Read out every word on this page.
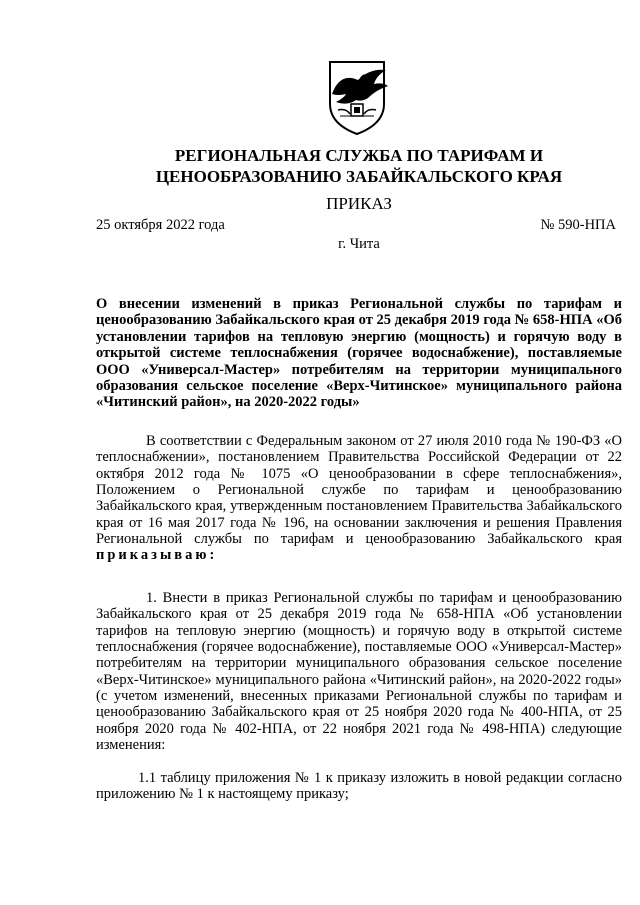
РЕГИОНАЛЬНАЯ СЛУЖБА ПО ТАРИФАМ И
ЦЕНООБРАЗОВАНИЮ ЗАБАЙКАЛЬСКОГО КРАЯ
ПРИКАЗ
25 октября 2022 года	№ 590-НПА
г. Чита
О внесении изменений в приказ Региональной службы по тарифам и ценообразованию Забайкальского края от 25 декабря 2019 года № 658-НПА «Об установлении тарифов на тепловую энергию (мощность) и горячую воду в открытой системе теплоснабжения (горячее водоснабжение), поставляемые ООО «Универсал-Мастер» потребителям на территории муниципального образования сельское поселение «Верх-Читинское» муниципального района «Читинский район», на 2020-2022 годы»
В соответствии с Федеральным законом от 27 июля 2010 года № 190-ФЗ «О теплоснабжении», постановлением Правительства Российской Федерации от 22 октября 2012 года № 1075 «О ценообразовании в сфере теплоснабжения», Положением о Региональной службе по тарифам и ценообразованию Забайкальского края, утвержденным постановлением Правительства Забайкальского края от 16 мая 2017 года № 196, на основании заключения и решения Правления Региональной службы по тарифам и ценообразованию Забайкальского края приказываю:
1. Внести в приказ Региональной службы по тарифам и ценообразованию Забайкальского края от 25 декабря 2019 года № 658-НПА «Об установлении тарифов на тепловую энергию (мощность) и горячую воду в открытой системе теплоснабжения (горячее водоснабжение), поставляемые ООО «Универсал-Мастер» потребителям на территории муниципального образования сельское поселение «Верх-Читинское» муниципального района «Читинский район», на 2020-2022 годы» (с учетом изменений, внесенных приказами Региональной службы по тарифам и ценообразованию Забайкальского края от 25 ноября 2020 года № 400-НПА, от 25 ноября 2020 года № 402-НПА, от 22 ноября 2021 года № 498-НПА) следующие изменения:
1.1 таблицу приложения № 1 к приказу изложить в новой редакции согласно приложению № 1 к настоящему приказу;
